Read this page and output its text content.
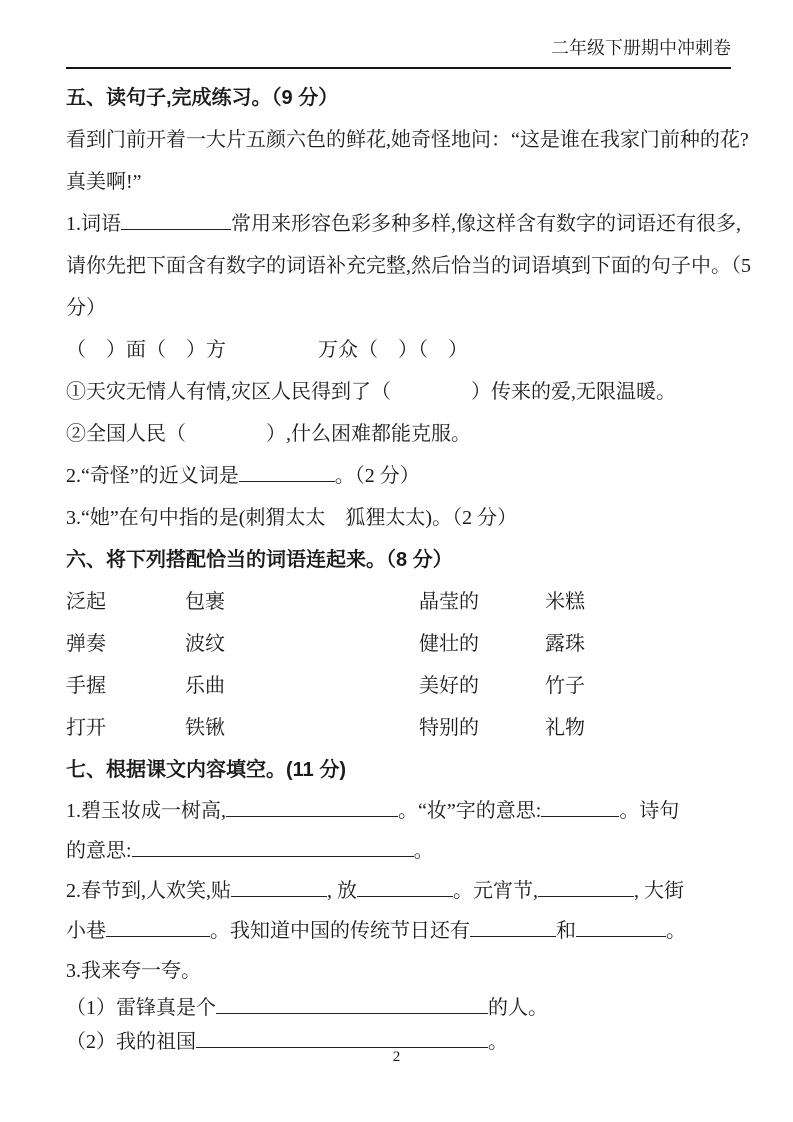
二年级下册期中冲刺卷
五、读句子,完成练习。（9 分）
看到门前开着一大片五颜六色的鲜花,她奇怪地问：“这是谁在我家门前种的花?
真美啊!”
1.词语	常用来形容色彩多种多样,像这样含有数字的词语还有很多,
请你先把下面含有数字的词语补充完整,然后恰当的词语填到下面的句子中。（5
分）
（　）面（　）方	万众（　）（　）
①天灾无情人有情,灾区人民得到了（　　　　）传来的爱,无限温暖。
②全国人民（　　　　）,什么困难都能克服。
2.“奇怪”的近义词是	。（2 分）
3.“她”在句中指的是(刺猬太太　狐狸太太)。（2 分）
六、将下列搭配恰当的词语连起来。（8 分）
泛起	包裹	晶莹的	米糕
弹奏	波纹	健壮的	露珠
手握	乐曲	美好的	竹子
打开	铁锹	特别的	礼物
七、根据课文内容填空。(11 分)
1.碧玉妆成一树高,	。“妆”字的意思:	。诗句
的意思:	。
2.春节到,人欢笑,贴	, 放	。元宵节,	, 大街
小巷	。我知道中国的传统节日还有	和	。
3.我来夸一夸。
（1）雷锋真是个	的人。
（2）我的祖国	。
2
